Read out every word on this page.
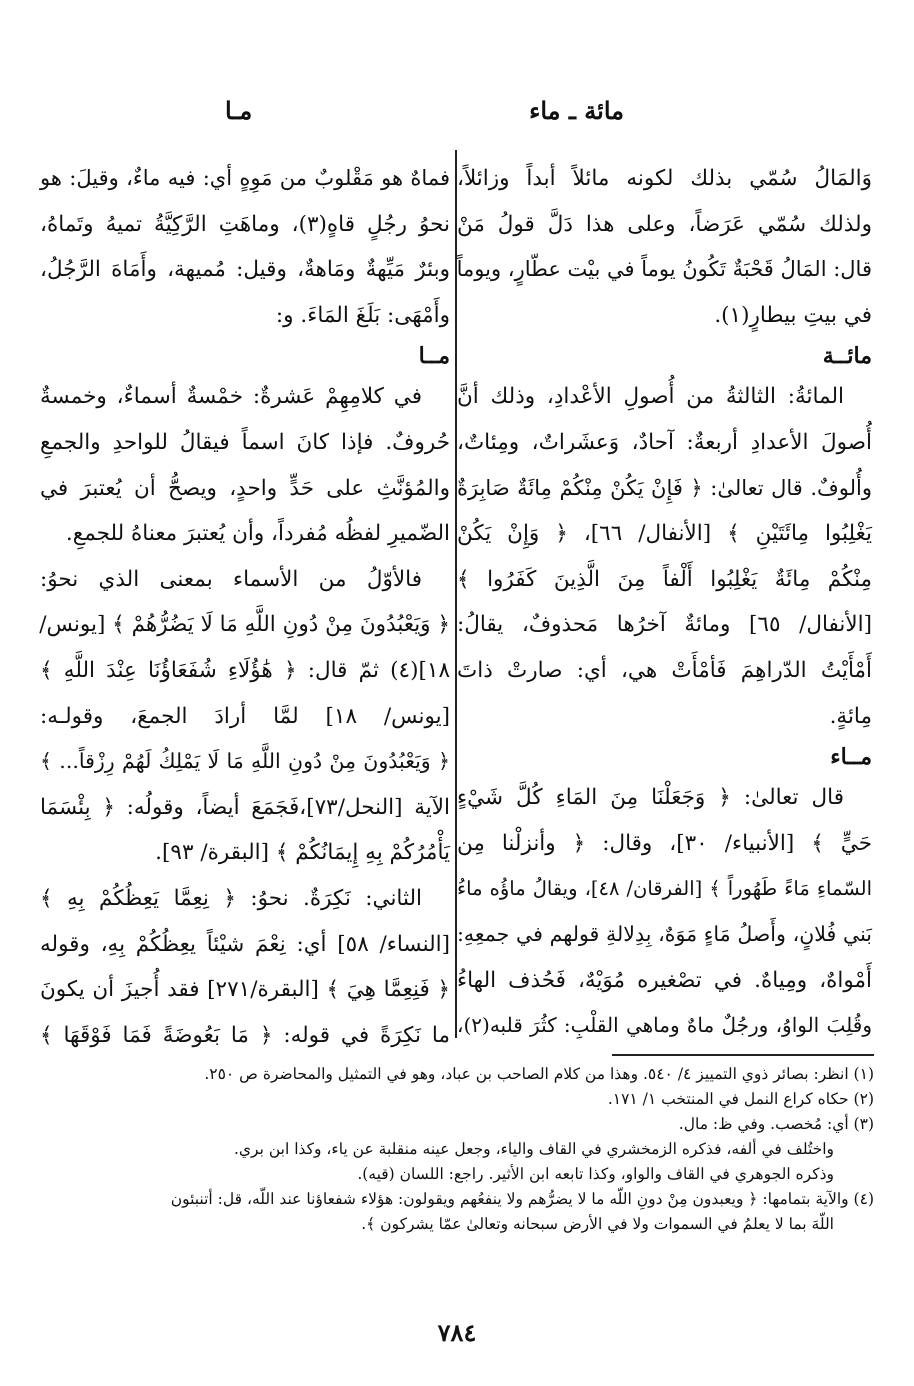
مائة ـ ماء
مـا
وَالمَالُ سُمّي بذلك لكونه مائلاً أبداً وزائلاً،
ولذلك سُمّي عَرَضاً، وعلى هذا دَلَّ قولُ مَنْ
قال: المَالُ قَحْبَةٌ تَكُونُ يوماً في بيْت عطّارٍ، ويوماً
في بيتِ بيطارٍ(١).
مائــة
المائةُ: الثالثةُ من أُصولِ الأعْدادِ، وذلك أنَّ
أُصولَ الأعدادِ أربعةٌ: آحادٌ، وَعشَراتٌ، ومِئاتٌ،
وأُلوفٌ. قال تعالىٰ: ﴿ فَإِنْ يَكُنْ مِنْكُمْ مِائَةٌ صَابِرَةٌ
يَغْلِبُوا مِائَتَيْنِ ﴾ [الأنفال/ ٦٦]، ﴿ وَإِنْ يَكُنْ
مِنْكُمْ مِائَةٌ يَغْلِبُوا أَلْفاً مِنَ الَّذِينَ كَفَرُوا ﴾
[الأنفال/ ٦٥] ومائةٌ آخرُها مَحذوفٌ، يقالُ:
أَمْأَيْتُ الدّراهِمَ فَأمْأَتْ هي، أي: صارتْ ذاتَ
مِائةٍ.
مــاء
قال تعالىٰ: ﴿ وَجَعَلْنَا مِنَ المَاءِ كُلَّ شَيْءٍ
حَيٍّ ﴾ [الأنبياء/ ٣٠]، وقال: ﴿ وأنزلْنا مِن
السّماءِ مَاءً طَهُوراً ﴾ [الفرقان/ ٤٨]، ويقالُ ماؤُه ماءُ
بَني فُلانٍ، وأَصلُ مَاءٍ مَوَهٌ، بِدِلالةِ قولهم في جمعِهِ:
أَمْواهٌ، ومِياهٌ. في تصْغيره مُوَيْهٌ، فَحُذف الهاءُ
وقُلِبَ الواوُ، ورجُلٌ ماهٌ وماهي القلْبِ: كثُرَ قلبه(٢)،
فماهٌ هو مَقْلوبٌ من مَوِهٍ أي: فيه ماءٌ، وقيلَ: هو
نحوُ رجُلٍ قاهٍ(٣)، وماهَتِ الرَّكِيَّةُ تميهُ وتَماهُ،
وبئرٌ مَيِّهةٌ ومَاهةٌ، وقيل: مُميهة، وأَمَاهَ الرَّجُلُ،
وأَمْهَى: بَلَغَ المَاءَ. و:
مــا
في كلامِهِمْ عَشرةٌ: خمْسةٌ أسماءٌ، وخمسةٌ
حُروفٌ. فإذا كانَ اسماً فيقالُ للواحدِ والجمعِ
والمُؤنَّثِ على حَدٍّ واحدٍ، ويصحُّ أن يُعتبرَ في
الضّميرِ لفظُه مُفرداً، وأن يُعتبرَ معناهُ للجمعِ.
فالأوّلُ من الأسماء بمعنى الذي نحوُ:
﴿ وَيَعْبُدُونَ مِنْ دُونِ اللَّهِ مَا لَا يَضُرُّهُمْ ﴾ [يونس/
١٨](٤) ثمّ قال: ﴿ هَٰؤُلَاءِ شُفَعَاؤُنَا عِنْدَ اللَّهِ ﴾
[يونس/ ١٨] لمَّا أرادَ الجمعَ، وقولـه:
﴿ وَيَعْبُدُونَ مِنْ دُونِ اللَّهِ مَا لَا يَمْلِكُ لَهُمْ رِزْقاً... ﴾
الآية [النحل/٧٣]،فَجَمَعَ أيضاً، وقولُه: ﴿ بِئْسَمَا
يَأْمُرُكُمْ بِهِ إِيمَانُكُمْ ﴾ [البقرة/ ٩٣].
الثاني: نَكِرَةٌ. نحوُ: ﴿ نِعِمَّا يَعِظُكُمْ بِهِ ﴾
[النساء/ ٥٨] أي: نِعْمَ شيْئاً يعِظُكُمْ بِهِ، وقوله
﴿ فَنِعِمَّا هِيَ ﴾ [البقرة/٢٧١] فقد أُجيزَ أن يكونَ
ما نَكِرَةً في قوله: ﴿ مَا بَعُوضَةً فَمَا فَوْقَهَا ﴾
(١) انظر: بصائر ذوي التمييز ٤/ ٥٤٠. وهذا من كلام الصاحب بن عباد، وهو في التمثيل والمحاضرة ص ٢٥٠.
(٢) حكاه كراع النمل في المنتخب ١/ ١٧١.
(٣) أي: مُخصب. وفي ظ: مال.
واختُلف في ألفه، فذكره الزمخشري في القاف والياء، وجعل عينه منقلبة عن ياء، وكذا ابن بري.
وذكره الجوهري في القاف والواو، وكذا تابعه ابن الأثير. راجع: اللسان (قيه).
(٤) والآية بتمامها: ﴿ ويعبدون مِنْ دونِ اللّه ما لا يضرُّهم ولا ينفعُهم ويقولون: هؤلاء شفعاؤنا عند اللّه، قل: أتنبئون
اللّهَ بما لا يعلمُ في السموات ولا في الأرض سبحانه وتعالىٰ عمّا يشركون ﴾.
٧٨٤
